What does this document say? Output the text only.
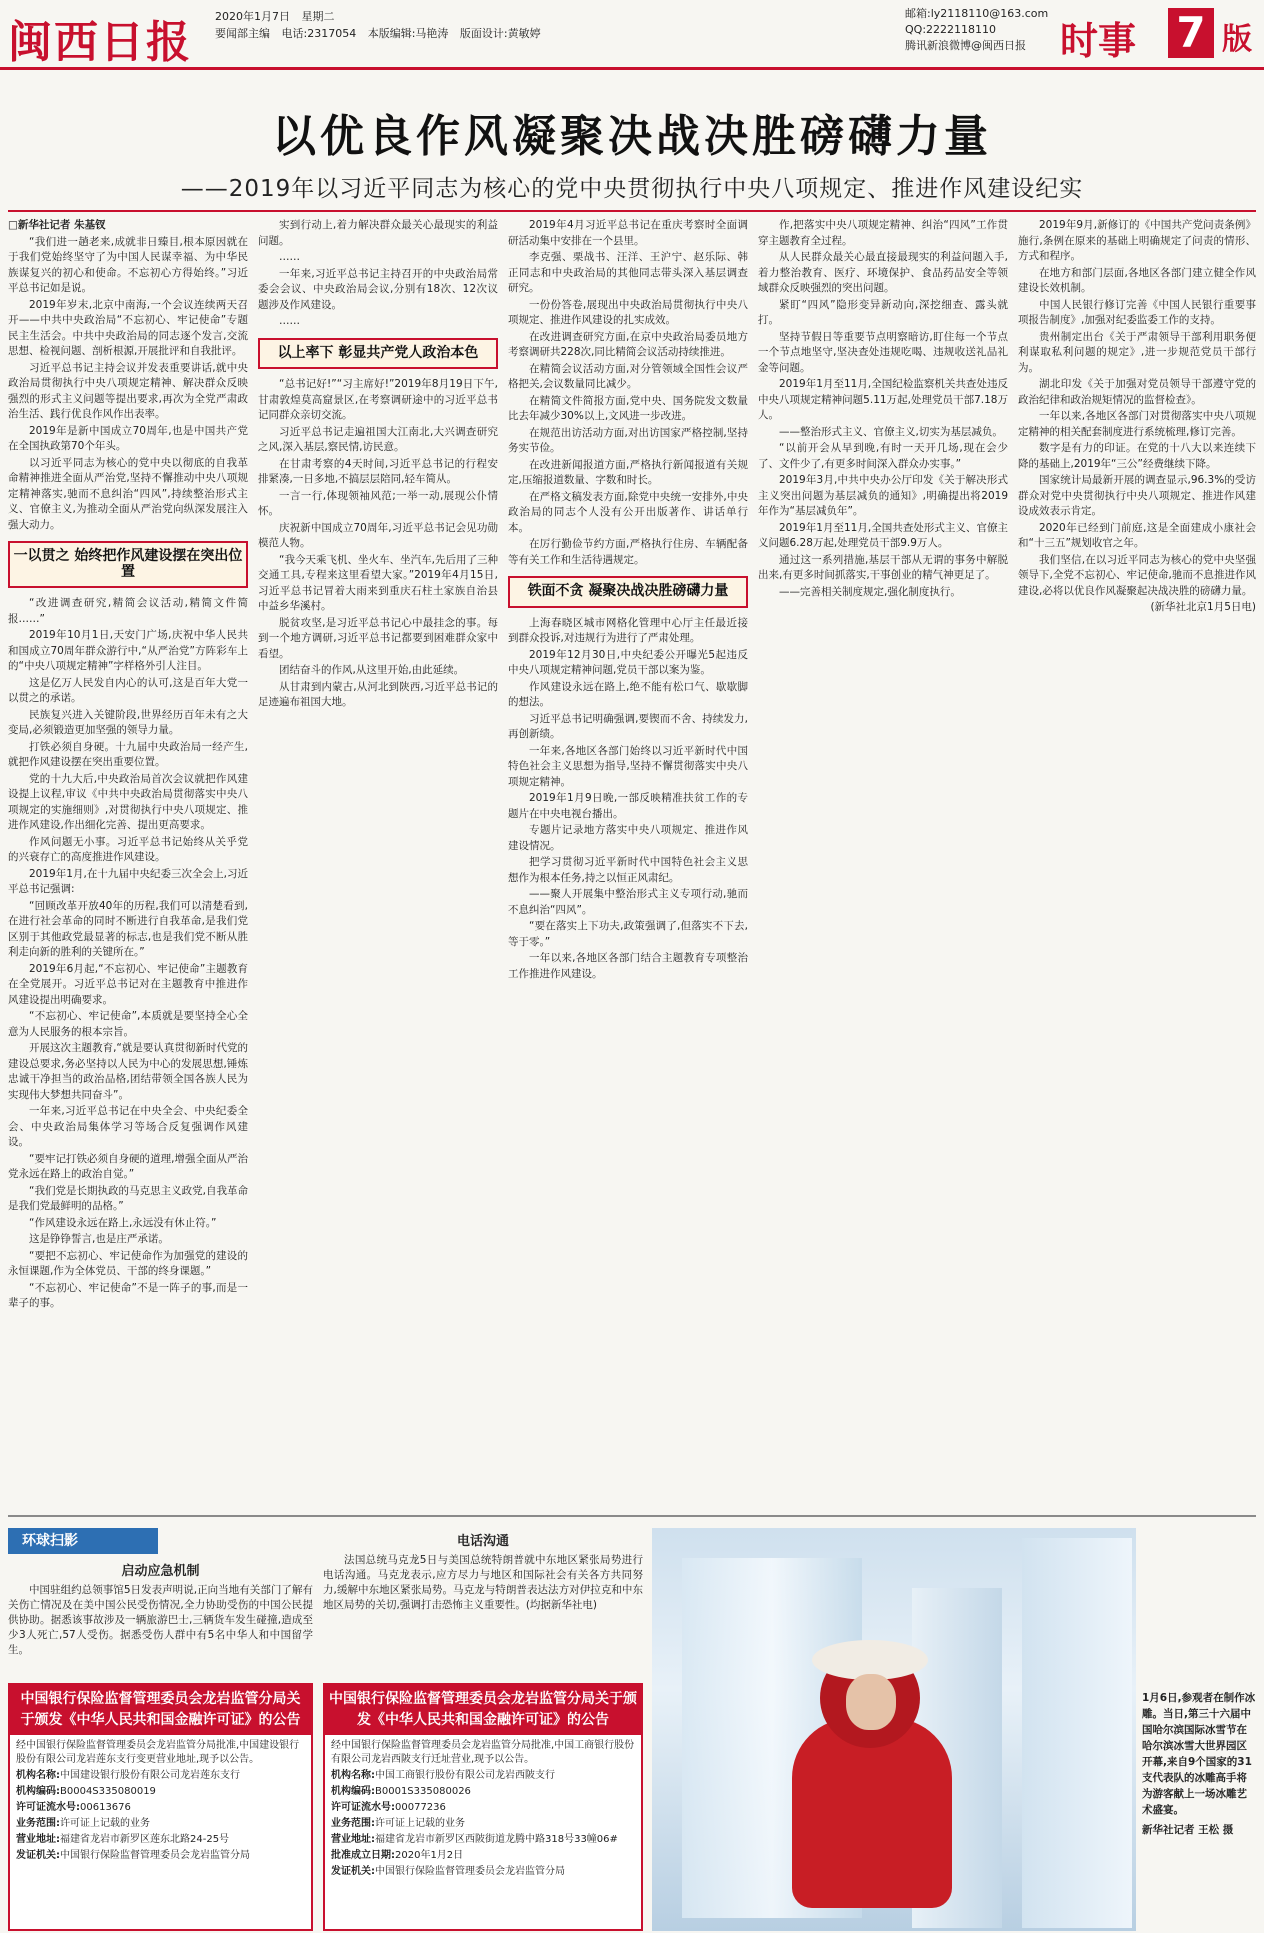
闽西日报
2020年1月7日 星期二
要闻部主编 电话:2317054 本版编辑:马艳涛 版面设计:黄敏婷
邮箱:ly2118110@163.com
QQ:2222118110
腾讯新浪微博@闽西日报 时事 7 版
以优良作风凝聚决战决胜磅礴力量
——2019年以习近平同志为核心的党中央贯彻执行中央八项规定、推进作风建设纪实

□新华社记者 朱基钗

“我们进一趟老来,成就非日臻目,根本原因就在于我们党始终坚守了为中国人民谋幸福、为中华民族谋复兴的初心和使命。不忘初心方得始终。”习近平总书记如是说。

2019年岁末,北京中南海,一个会议连续两天召开——中共中央政治局“不忘初心、牢记使命”专题民主生活会。中共中央政治局的同志逐个发言,交流思想、检视问题、剖析根源,开展批评和自我批评。

习近平总书记主持会议并发表重要讲话,就中央政治局贯彻执行中央八项规定精神、解决群众反映强烈的形式主义问题等提出要求,再次为全党严肃政治生活、践行优良作风作出表率。

2019年是新中国成立70周年,也是中国共产党在全国执政第70个年头。

以习近平同志为核心的党中央以彻底的自我革命精神推进全面从严治党,坚持不懈推动中央八项规定精神落实,驰而不息纠治“四风”,持续整治形式主义、官僚主义,为推动全面从严治党向纵深发展注入强大动力。

一以贯之 始终把作风建设摆在突出位置

“改进调查研究,精简会议活动,精简文件简报……”

2019年10月1日,天安门广场,庆祝中华人民共和国成立70周年群众游行中,“从严治党”方阵彩车上的“中央八项规定精神”字样格外引人注目。

这是亿万人民发自内心的认可,这是百年大党一以贯之的承诺。

民族复兴进入关键阶段,世界经历百年未有之大变局,必须锻造更加坚强的领导力量。

打铁必须自身硬。十九届中央政治局一经产生,就把作风建设摆在突出重要位置。

党的十九大后,中央政治局首次会议就把作风建设提上议程,审议《中共中央政治局贯彻落实中央八项规定的实施细则》,对贯彻执行中央八项规定、推进作风建设,作出细化完善、提出更高要求。

作风问题无小事。习近平总书记始终从关乎党的兴衰存亡的高度推进作风建设。

2019年1月,在十九届中央纪委三次全会上,习近平总书记强调:

“回顾改革开放40年的历程,我们可以清楚看到,在进行社会革命的同时不断进行自我革命,是我们党区别于其他政党最显著的标志,也是我们党不断从胜利走向新的胜利的关键所在。”

2019年6月起,“不忘初心、牢记使命”主题教育在全党展开。习近平总书记对在主题教育中推进作风建设提出明确要求。

“不忘初心、牢记使命”,本质就是要坚持全心全意为人民服务的根本宗旨。

开展这次主题教育,“就是要认真贯彻新时代党的建设总要求,务必坚持以人民为中心的发展思想,锤炼忠诚干净担当的政治品格,团结带领全国各族人民为实现伟大梦想共同奋斗”。

一年来,习近平总书记在中央全会、中央纪委全会、中央政治局集体学习等场合反复强调作风建设。

“要牢记打铁必须自身硬的道理,增强全面从严治党永远在路上的政治自觉。”

“我们党是长期执政的马克思主义政党,自我革命是我们党最鲜明的品格。”

“作风建设永远在路上,永远没有休止符。”

这是铮铮誓言,也是庄严承诺。

“要把不忘初心、牢记使命作为加强党的建设的永恒课题,作为全体党员、干部的终身课题。”

“不忘初心、牢记使命”不是一阵子的事,而是一辈子的事。

实到行动上,着力解决群众最关心最现实的利益问题。

……

一年来,习近平总书记主持召开的中央政治局常委会会议、中央政治局会议,分别有18次、12次议题涉及作风建设。

……

以上率下 彰显共产党人政治本色

“总书记好!”“习主席好!”2019年8月19日下午,甘肃敦煌莫高窟景区,在考察调研途中的习近平总书记同群众亲切交流。

习近平总书记走遍祖国大江南北,大兴调查研究之风,深入基层,察民情,访民意。

在甘肃考察的4天时间,习近平总书记的行程安排紧凑,一日多地,不搞层层陪同,轻车简从。

一言一行,体现领袖风范;一举一动,展现公仆情怀。

庆祝新中国成立70周年,习近平总书记会见功勋模范人物。

“我今天乘飞机、坐火车、坐汽车,先后用了三种交通工具,专程来这里看望大家。”2019年4月15日,习近平总书记冒着大雨来到重庆石柱土家族自治县中益乡华溪村。

脱贫攻坚,是习近平总书记心中最挂念的事。每到一个地方调研,习近平总书记都要到困难群众家中看望。

团结奋斗的作风,从这里开始,由此延续。

从甘肃到内蒙古,从河北到陕西,习近平总书记的足迹遍布祖国大地。

2019年4月习近平总书记在重庆考察时全面调研活动集中安排在一个县里。

李克强、栗战书、汪洋、王沪宁、赵乐际、韩正同志和中央政治局的其他同志带头深入基层调查研究。

一份份答卷,展现出中央政治局贯彻执行中央八项规定、推进作风建设的扎实成效。

在改进调查研究方面,在京中央政治局委员地方考察调研共228次,同比精简会议活动持续推进。

在精简会议活动方面,对分管领域全国性会议严格把关,会议数量同比减少。

在精简文件简报方面,党中央、国务院发文数量比去年减少30%以上,文风进一步改进。

在规范出访活动方面,对出访国家严格控制,坚持务实节俭。

在改进新闻报道方面,严格执行新闻报道有关规定,压缩报道数量、字数和时长。

在严格文稿发表方面,除党中央统一安排外,中央政治局的同志个人没有公开出版著作、讲话单行本。

在厉行勤俭节约方面,严格执行住房、车辆配备等有关工作和生活待遇规定。

铁面不贪 凝聚决战决胜磅礴力量

上海春晓区城市网格化管理中心厅主任最近接到群众投诉,对违规行为进行了严肃处理。

2019年12月30日,中央纪委公开曝光5起违反中央八项规定精神问题,党员干部以案为鉴。

作风建设永远在路上,绝不能有松口气、歇歇脚的想法。

习近平总书记明确强调,要锲而不舍、持续发力,再创新绩。

一年来,各地区各部门始终以习近平新时代中国特色社会主义思想为指导,坚持不懈贯彻落实中央八项规定精神。

2019年1月9日晚,一部反映精准扶贫工作的专题片在中央电视台播出。

专题片记录地方落实中央八项规定、推进作风建设情况。

把学习贯彻习近平新时代中国特色社会主义思想作为根本任务,持之以恒正风肃纪。

——聚人开展集中整治形式主义专项行动,驰而不息纠治“四风”。

“要在落实上下功夫,政策强调了,但落实不下去,等于零。”

一年以来,各地区各部门结合主题教育专项整治工作推进作风建设。

作,把落实中央八项规定精神、纠治“四风”工作贯穿主题教育全过程。

从人民群众最关心最直接最现实的利益问题入手,着力整治教育、医疗、环境保护、食品药品安全等领域群众反映强烈的突出问题。

紧盯“四风”隐形变异新动向,深挖细查、露头就打。

坚持节假日等重要节点明察暗访,盯住每一个节点一个节点地坚守,坚决查处违规吃喝、违规收送礼品礼金等问题。

2019年1月至11月,全国纪检监察机关共查处违反中央八项规定精神问题5.11万起,处理党员干部7.18万人。

——整治形式主义、官僚主义,切实为基层减负。

“以前开会从早到晚,有时一天开几场,现在会少了、文件少了,有更多时间深入群众办实事。”

2019年3月,中共中央办公厅印发《关于解决形式主义突出问题为基层减负的通知》,明确提出将2019年作为“基层减负年”。

2019年1月至11月,全国共查处形式主义、官僚主义问题6.28万起,处理党员干部9.9万人。

通过这一系列措施,基层干部从无谓的事务中解脱出来,有更多时间抓落实,干事创业的精气神更足了。

——完善相关制度规定,强化制度执行。

2019年9月,新修订的《中国共产党问责条例》施行,条例在原来的基础上明确规定了问责的情形、方式和程序。

在地方和部门层面,各地区各部门建立健全作风建设长效机制。

中国人民银行修订完善《中国人民银行重要事项报告制度》,加强对纪委监委工作的支持。

贵州制定出台《关于严肃领导干部利用职务便利谋取私利问题的规定》,进一步规范党员干部行为。

湖北印发《关于加强对党员领导干部遵守党的政治纪律和政治规矩情况的监督检查》。

一年以来,各地区各部门对贯彻落实中央八项规定精神的相关配套制度进行系统梳理,修订完善。

数字是有力的印证。在党的十八大以来连续下降的基础上,2019年“三公”经费继续下降。

国家统计局最新开展的调查显示,96.3%的受访群众对党中央贯彻执行中央八项规定、推进作风建设成效表示肯定。

2020年已经到门前庭,这是全面建成小康社会和“十三五”规划收官之年。

我们坚信,在以习近平同志为核心的党中央坚强领导下,全党不忘初心、牢记使命,驰而不息推进作风建设,必将以优良作风凝聚起决战决胜的磅礴力量。

(新华社北京1月5日电)

环球扫影
启动应急机制

中国驻组约总领事馆5日发表声明说,正向当地有关部门了解有关伤亡情况及在美中国公民受伤情况,全力协助受伤的中国公民提供协助。据悉该事故涉及一辆旅游巴士,三辆货车发生碰撞,造成至少3人死亡,57人受伤。据悉受伤人群中有5名中华人和中国留学生。

电话沟通

法国总统马克龙5日与美国总统特朗普就中东地区紧张局势进行电话沟通。马克龙表示,应方尽力与地区和国际社会有关各方共同努力,缓解中东地区紧张局势。马克龙与特朗普表达法方对伊拉克和中东地区局势的关切,强调打击恐怖主义重要性。(均据新华社电)

中国银行保险监督管理委员会龙岩监管分局关于颁发《中华人民共和国金融许可证》的公告

经中国银行保险监督管理委员会龙岩监管分局批准,中国建设银行股份有限公司龙岩莲东支行变更营业地址,现予以公告。

机构名称:中国建设银行股份有限公司龙岩莲东支行

机构编码:B0004S335080019

许可证流水号:00613676

业务范围:许可证上记载的业务

营业地址:福建省龙岩市新罗区莲东北路24-25号

发证机关:中国银行保险监督管理委员会龙岩监管分局

中国银行保险监督管理委员会龙岩监管分局关于颁发《中华人民共和国金融许可证》的公告

经中国银行保险监督管理委员会龙岩监管分局批准,中国工商银行股份有限公司龙岩西陂支行迁址营业,现予以公告。

机构名称:中国工商银行股份有限公司龙岩西陂支行

机构编码:B0001S335080026

许可证流水号:00077236

业务范围:许可证上记载的业务

营业地址:福建省龙岩市新罗区西陂街道龙腾中路318号33幢06#

批准成立日期:2020年1月2日

发证机关:中国银行保险监督管理委员会龙岩监管分局

1月6日,参观者在制作冰雕。当日,第三十六届中国哈尔滨国际冰雪节在哈尔滨冰雪大世界园区开幕,来自9个国家的31支代表队的冰雕高手将为游客献上一场冰雕艺术盛宴。
新华社记者 王松 摄
